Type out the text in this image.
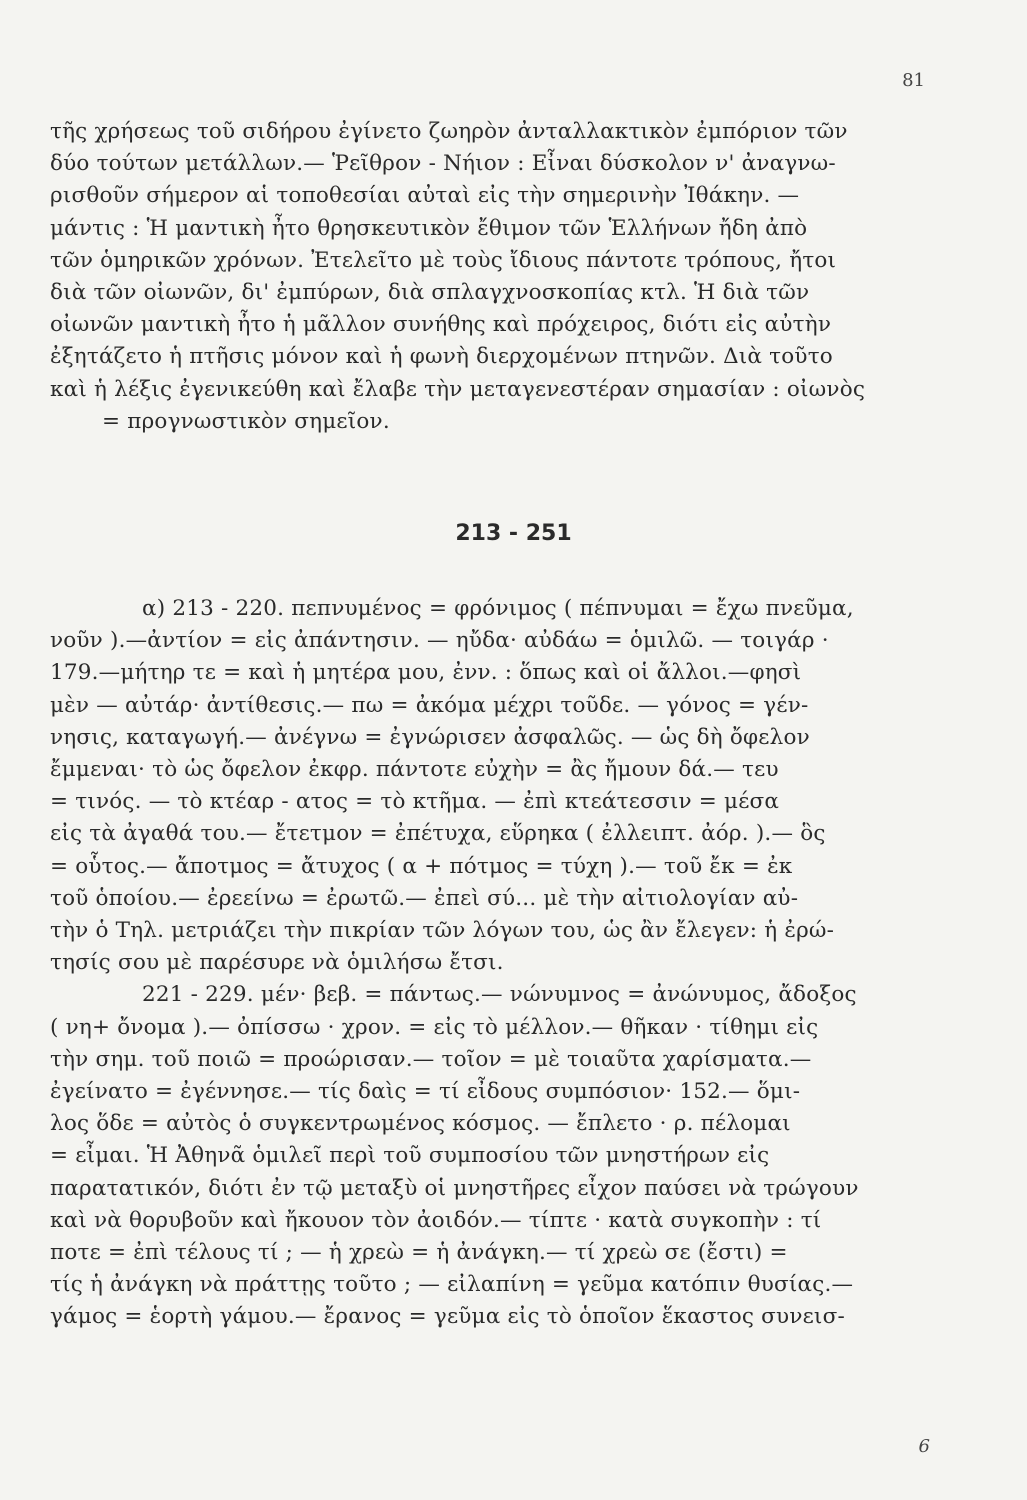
81
τῆς χρήσεως τοῦ σιδήρου ἐγίνετο ζωηρὸν ἀνταλλακτικὸν ἐμπόριον τῶν
δύο τούτων μετάλλων.— Ῥεῖθρον - Νήιον : Εἶναι δύσκολον ν' ἀναγνω-
ρισθοῦν σήμερον αἱ τοποθεσίαι αὐταὶ εἰς τὴν σημερινὴν Ἰθάκην. —
μάντις : Ἡ μαντικὴ ἦτο θρησκευτικὸν ἔθιμον τῶν Ἑλλήνων ἤδη ἀπὸ
τῶν ὁμηρικῶν χρόνων. Ἐτελεῖτο μὲ τοὺς ἴδιους πάντοτε τρόπους, ἤτοι
διὰ τῶν οἰωνῶν, δι' ἐμπύρων, διὰ σπλαγχνοσκοπίας κτλ. Ἡ διὰ τῶν
οἰωνῶν μαντικὴ ἦτο ἡ μᾶλλον συνήθης καὶ πρόχειρος, διότι εἰς αὐτὴν
ἐξητάζετο ἡ πτῆσις μόνον καὶ ἡ φωνὴ διερχομένων πτηνῶν. Διὰ τοῦτο
καὶ ἡ λέξις ἐγενικεύθη καὶ ἔλαβε τὴν μεταγενεστέραν σημασίαν : οἰωνὸς
= προγνωστικὸν σημεῖον.
213 - 251
α) 213 - 220. πεπνυμένος = φρόνιμος ( πέπνυμαι = ἔχω πνεῦμα,
νοῦν ).—ἀντίον = εἰς ἀπάντησιν. — ηὔδα· αὐδάω = ὁμιλῶ. — τοιγάρ ·
179.—μήτηρ τε = καὶ ἡ μητέρα μου, ἐνν. : ὅπως καὶ οἱ ἄλλοι.—φησὶ
μὲν — αὐτάρ· ἀντίθεσις.— πω = ἀκόμα μέχρι τοῦδε. — γόνος = γέν-
νησις, καταγωγή.— ἀνέγνω = ἐγνώρισεν ἀσφαλῶς. — ὡς δὴ ὄφελον
ἔμμεναι· τὸ ὡς ὄφελον ἐκφρ. πάντοτε εὐχὴν = ἂς ἤμουν δά.— τευ
= τινός. — τὸ κτέαρ - ατος = τὸ κτῆμα. — ἐπὶ κτεάτεσσιν = μέσα
εἰς τὰ ἀγαθά του.— ἔτετμον = ἐπέτυχα, εὕρηκα ( ἐλλειπτ. ἀόρ. ).— ὃς
= οὗτος.— ἄποτμος = ἄτυχος ( α + πότμος = τύχη ).— τοῦ ἔκ = ἐκ
τοῦ ὁποίου.— ἐρεείνω = ἐρωτῶ.— ἐπεὶ σύ... μὲ τὴν αἰτιολογίαν αὐ-
τὴν ὁ Τηλ. μετριάζει τὴν πικρίαν τῶν λόγων του, ὡς ἂν ἔλεγεν: ἡ ἐρώ-
τησίς σου μὲ παρέσυρε νὰ ὁμιλήσω ἔτσι.
221 - 229. μέν· βεβ. = πάντως.— νώνυμνος = ἀνώνυμος, ἄδοξος
( νη+ ὄνομα ).— ὀπίσσω · χρον. = εἰς τὸ μέλλον.— θῆκαν · τίθημι εἰς
τὴν σημ. τοῦ ποιῶ = προώρισαν.— τοῖον = μὲ τοιαῦτα χαρίσματα.—
ἐγείνατο = ἐγέννησε.— τίς δαὶς = τί εἶδους συμπόσιον· 152.— ὅμι-
λος ὅδε = αὐτὸς ὁ συγκεντρωμένος κόσμος. — ἔπλετο · ρ. πέλομαι
= εἶμαι. Ἡ Ἀθηνᾶ ὁμιλεῖ περὶ τοῦ συμποσίου τῶν μνηστήρων εἰς
παρατατικόν, διότι ἐν τῷ μεταξὺ οἱ μνηστῆρες εἶχον παύσει νὰ τρώγουν
καὶ νὰ θορυβοῦν καὶ ἤκουον τὸν ἀοιδόν.— τίπτε · κατὰ συγκοπὴν : τί
ποτε = ἐπὶ τέλους τί ; — ἡ χρεὼ = ἡ ἀνάγκη.— τί χρεὼ σε (ἔστι) =
τίς ἡ ἀνάγκη νὰ πράττῃς τοῦτο ; — εἰλαπίνη = γεῦμα κατόπιν θυσίας.—
γάμος = ἑορτὴ γάμου.— ἔρανος = γεῦμα εἰς τὸ ὁποῖον ἕκαστος συνεισ-
6
